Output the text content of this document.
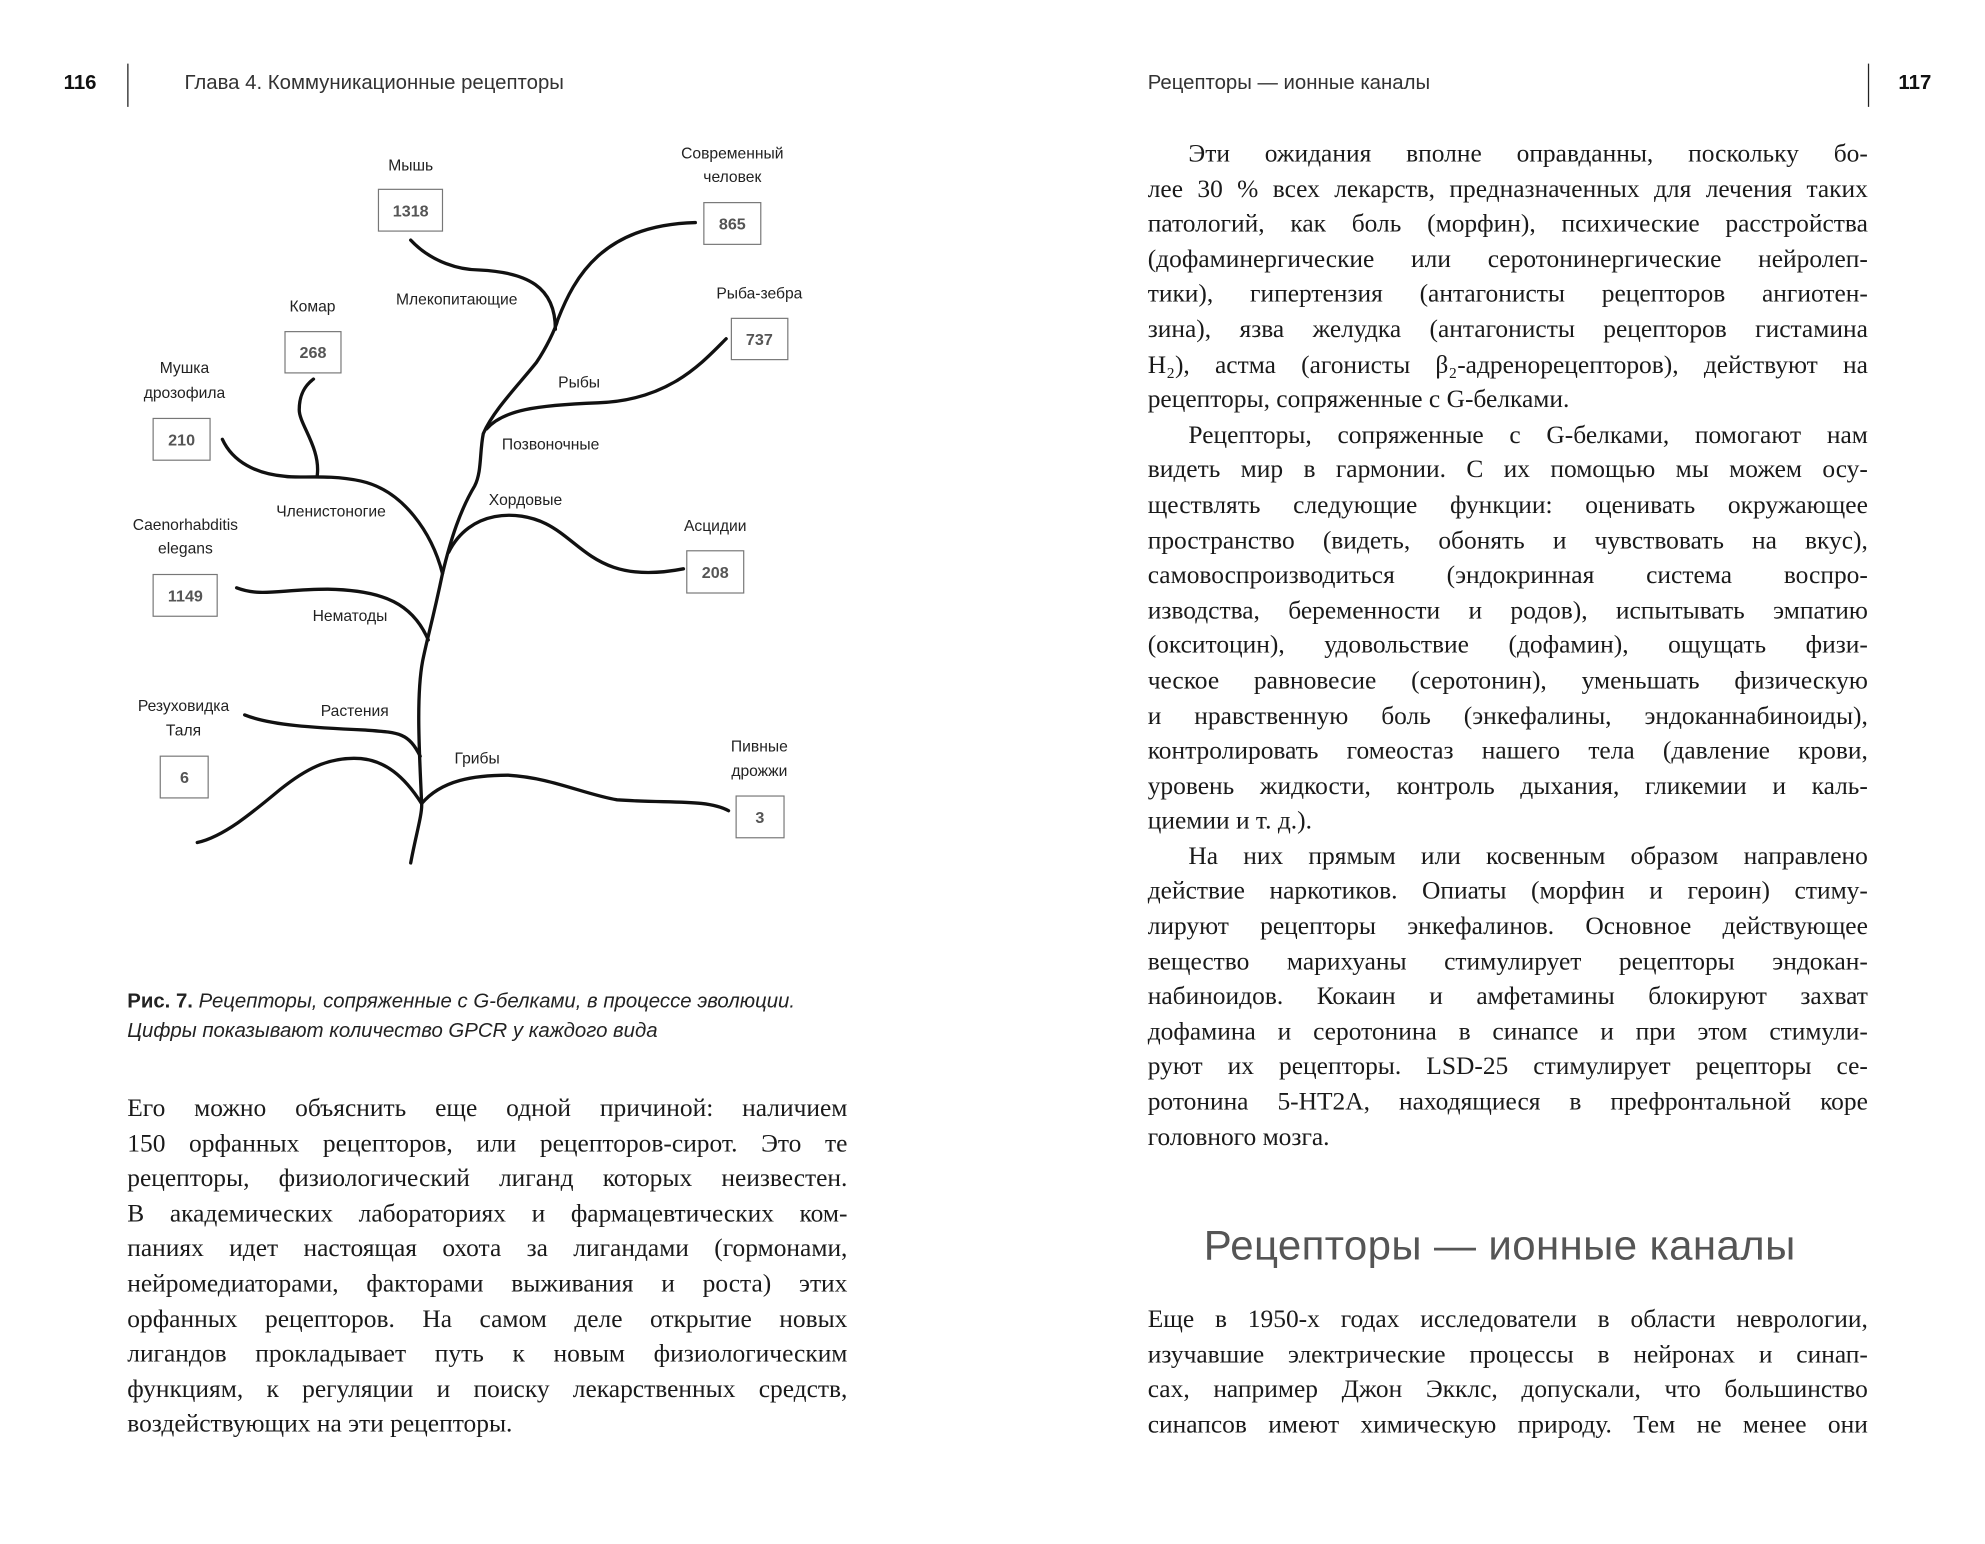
116	Глава 4. Коммуникационные рецепторы	Рецепторы — ионные каналы	117
1318
865
737
268
210
1149
208
6
3
Мышь
Современный
человек
Рыба-зебра
Комар
Мушка
дрозофила
Caenorhabditis
elegans
Асцидии
Резуховидка
Таля
Пивные
дрожжи
Млекопитающие
Рыбы
Позвоночные
Хордовые
Членистоногие
Нематоды
Растения
Грибы
Рис. 7. Рецепторы, сопряженные с G-белками, в процессе эволюции. Цифры показывают количество GPCR у каждого вида
Его можно объяснить еще одной причиной: наличием
150 орфанных рецепторов, или рецепторов-сирот. Это те
рецепторы, физиологический лиганд которых неизвестен.
В академических лабораториях и фармацевтических ком-
паниях идет настоящая охота за лигандами (гормонами,
нейромедиаторами, факторами выживания и роста) этих
орфанных рецепторов. На самом деле открытие новых
лигандов прокладывает путь к новым физиологическим
функциям, к регуляции и поиску лекарственных средств,
воздействующих на эти рецепторы.
Эти ожидания вполне оправданны, поскольку бо-
лее 30 % всех лекарств, предназначенных для лечения таких
патологий, как боль (морфин), психические расстройства
(дофаминергические или серотонинергические нейролеп-
тики), гипертензия (антагонисты рецепторов ангиотен-
зина), язва желудка (антагонисты рецепторов гистамина
H₂), астма (агонисты β₂-адренорецепторов), действуют на
рецепторы, сопряженные с G-белками.
Рецепторы, сопряженные с G-белками, помогают нам
видеть мир в гармонии. С их помощью мы можем осу-
ществлять следующие функции: оценивать окружающее
пространство (видеть, обонять и чувствовать на вкус),
самовоспроизводиться (эндокринная система воспро-
изводства, беременности и родов), испытывать эмпатию
(окситоцин), удовольствие (дофамин), ощущать физи-
ческое равновесие (серотонин), уменьшать физическую
и нравственную боль (энкефалины, эндоканнабиноиды),
контролировать гомеостаз нашего тела (давление крови,
уровень жидкости, контроль дыхания, гликемии и каль-
циемии и т. д.).
На них прямым или косвенным образом направлено
действие наркотиков. Опиаты (морфин и героин) стиму-
лируют рецепторы энкефалинов. Основное действующее
вещество марихуаны стимулирует рецепторы эндокан-
набиноидов. Кокаин и амфетамины блокируют захват
дофамина и серотонина в синапсе и при этом стимули-
руют их рецепторы. LSD-25 стимулирует рецепторы се-
ротонина 5-HT2A, находящиеся в префронтальной коре
головного мозга.
Рецепторы — ионные каналы
Еще в 1950-х годах исследователи в области неврологии,
изучавшие электрические процессы в нейронах и синап-
сах, например Джон Экклс, допускали, что большинство
синапсов имеют химическую природу. Тем не менее они
